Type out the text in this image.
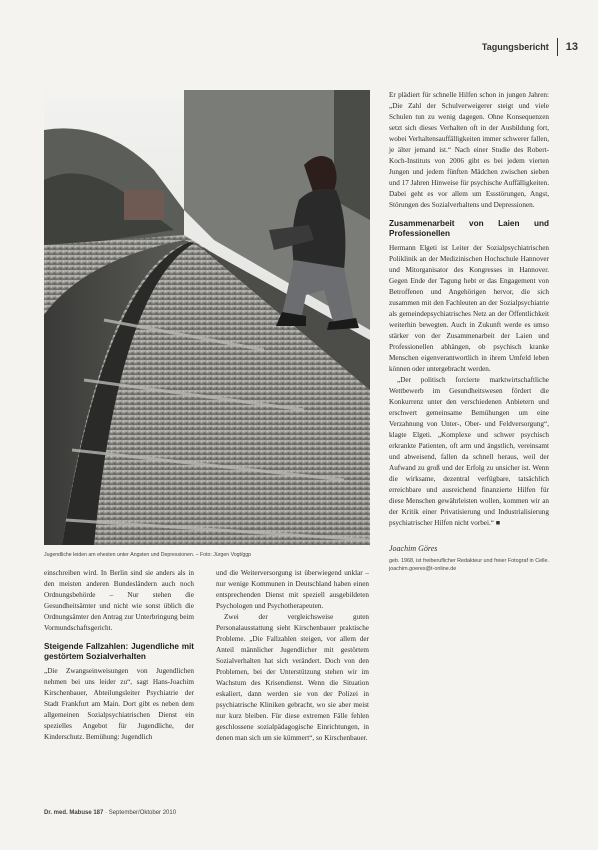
Tagungsbericht 13
Jugendliche leiden am ehesten unter Ängsten und Depressionen. – Foto: Jürgen Vogt/ggp

einschreiben wird. In Berlin sind sie anders als in den meisten anderen Bundesländern auch noch Ordnungsbehörde – Nur stehen die Gesundheitsämter und nicht wie sonst üblich die Ordnungsämter den Antrag zur Unterbringung beim Vormundschaftsgericht.

Steigende Fallzahlen: Jugendliche mit gestörtem Sozialverhalten

„Die Zwangseinweisungen von Jugendlichen nehmen bei uns leider zu“, sagt Hans-Joachim Kirschenbauer, Abteilungsleiter Psychiatrie der Stadt Frankfurt am Main. Dort gibt es neben dem allgemeinen Sozialpsychiatrischen Dienst ein spezielles Angebot für Jugendliche, der Kinderschutz. Bemühung: Jugendlich

und die Weiterversorgung ist überwiegend unklar – nur wenige Kommunen in Deutschland haben einen entsprechenden Dienst mit speziell ausgebildeten Psychologen und Psychotherapeuten.

Zwei der vergleichsweise guten Personalausstattung sieht Kirschenbauer praktische Probleme. „Die Fallzahlen steigen, vor allem der Anteil männlicher Jugendlicher mit gestörtem Sozialverhalten hat sich verändert. Doch von den Problemen, bei der Unterstützung stehen wir im Wachstum des Krisendienst. Wenn die Situation eskaliert, dann werden sie von der Polizei in psychiatrische Kliniken gebracht, wo sie aber meist nur kurz bleiben. Für diese extremen Fälle fehlen geschlossene sozialpädagogische Einrichtungen, in denen man sich um sie kümmert“, so Kirschenbauer.

Er plädiert für schnelle Hilfen schon in jungen Jahren: „Die Zahl der Schulverweigerer steigt und viele Schulen tun zu wenig dagegen. Ohne Konsequenzen setzt sich dieses Verhalten oft in der Ausbildung fort, wobei Verhaltensauffälligkeiten immer schwerer fallen, je älter jemand ist.“ Nach einer Studie des Robert-Koch-Instituts von 2006 gibt es bei jedem vierten Jungen und jedem fünften Mädchen zwischen sieben und 17 Jahren Hinweise für psychische Auffälligkeiten. Dabei geht es vor allem um Essstörungen, Angst, Störungen des Sozialverhaltens und Depressionen.

Zusammenarbeit von Laien und Professionellen

Hermann Elgeti ist Leiter der Sozialpsychiatrischen Poliklinik an der Medizinischen Hochschule Hannover und Mitorganisator des Kongresses in Hannover. Gegen Ende der Tagung hebt er das Engagement von Betroffenen und Angehörigen hervor, die sich zusammen mit den Fachleuten an der Sozialpsychiatrie als gemeindepsychiatrisches Netz an der Öffentlichkeit weiterhin bewegten. Auch in Zukunft werde es umso stärker von der Zusammenarbeit der Laien und Professionellen abhängen, ob psychisch kranke Menschen eigenverantwortlich in ihrem Umfeld leben können oder untergebracht werden.

„Der politisch forcierte marktwirtschaftliche Wettbewerb im Gesundheitswesen fördert die Konkurrenz unter den verschiedenen Anbietern und erschwert gemeinsame Bemühungen um eine Verzahnung von Unter-, Ober- und Feldversorgung“, klagte Elgeti. „Komplexe und schwer psychisch erkrankte Patienten, oft arm und ängstlich, vereinsamt und abweisend, fallen da schnell heraus, weil der Aufwand zu groß und der Erfolg zu unsicher ist. Wenn die wirksame, dezentral verfügbare, tatsächlich erreichbare und ausreichend finanzierte Hilfen für diese Menschen gewährleisten wollen, kommen wir an der Kritik einer Privatisierung und Industrialisierung psychiatrischer Hilfen nicht vorbei.“ ■

Joachim Göres
geb. 1968, ist freiberuflicher Redakteur und freier Fotograf in Celle. joachim.goeres@t-online.de
Dr. med. Mabuse 187 · September/Oktober 2010
